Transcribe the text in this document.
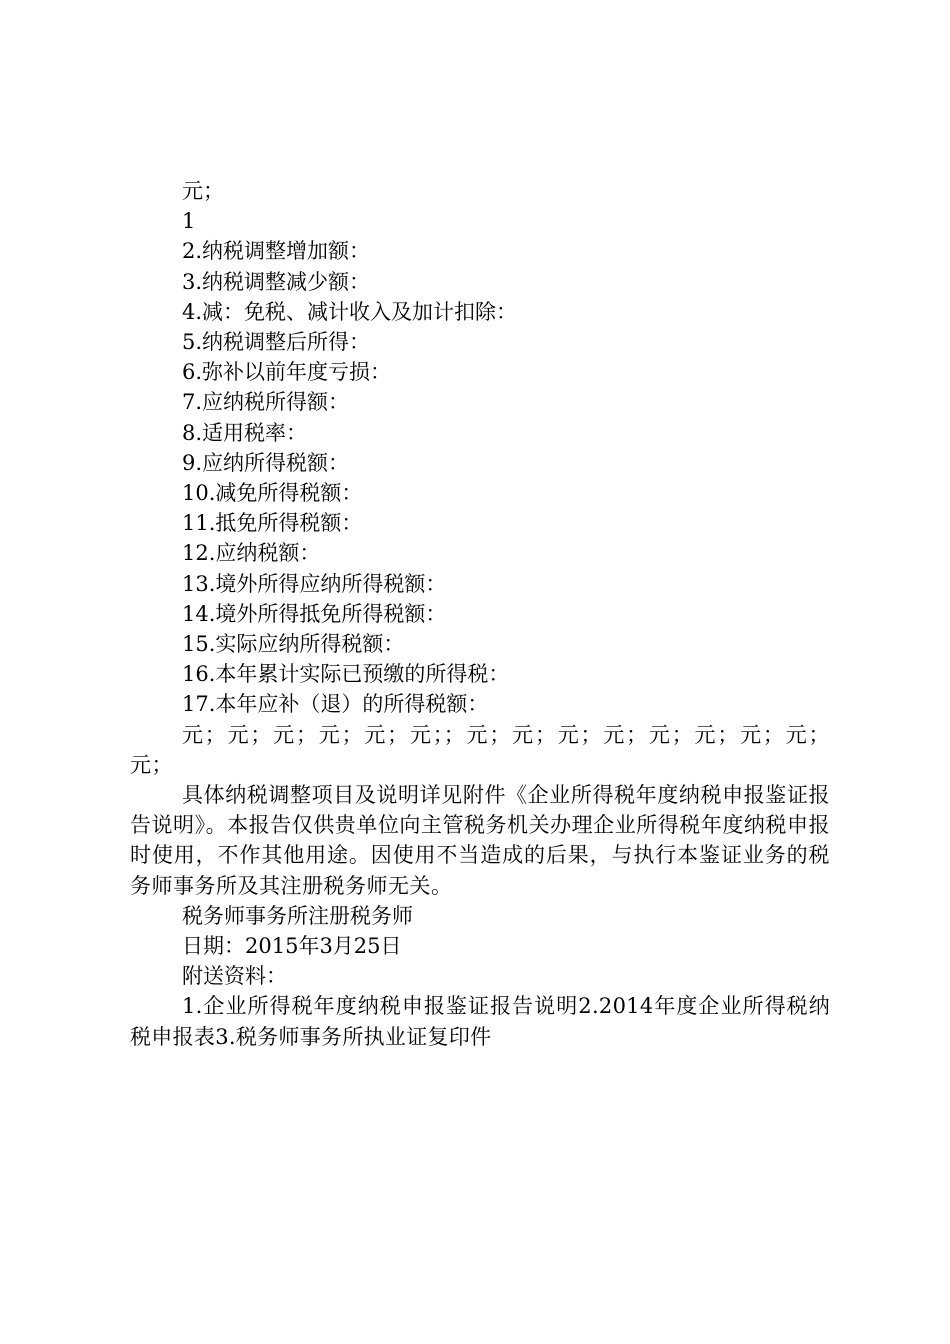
元；

1

2.纳税调整增加额：

3.纳税调整减少额：

4.减：免税、减计收入及加计扣除：

5.纳税调整后所得：

6.弥补以前年度亏损：

7.应纳税所得额：

8.适用税率：

9.应纳所得税额：

10.减免所得税额：

11.抵免所得税额：

12.应纳税额：

13.境外所得应纳所得税额：

14.境外所得抵免所得税额：

15.实际应纳所得税额：

16.本年累计实际已预缴的所得税：

17.本年应补（退）的所得税额：

元；元；元；元；元；元；；元；元；元；元；元；元；元；元；元；

具体纳税调整项目及说明详见附件《企业所得税年度纳税申报鉴证报告说明》。本报告仅供贵单位向主管税务机关办理企业所得税年度纳税申报时使用，不作其他用途。因使用不当造成的后果，与执行本鉴证业务的税务师事务所及其注册税务师无关。

税务师事务所注册税务师

日期：2015年3月25日

附送资料：

1.企业所得税年度纳税申报鉴证报告说明2.2014年度企业所得税纳税申报表3.税务师事务所执业证复印件
